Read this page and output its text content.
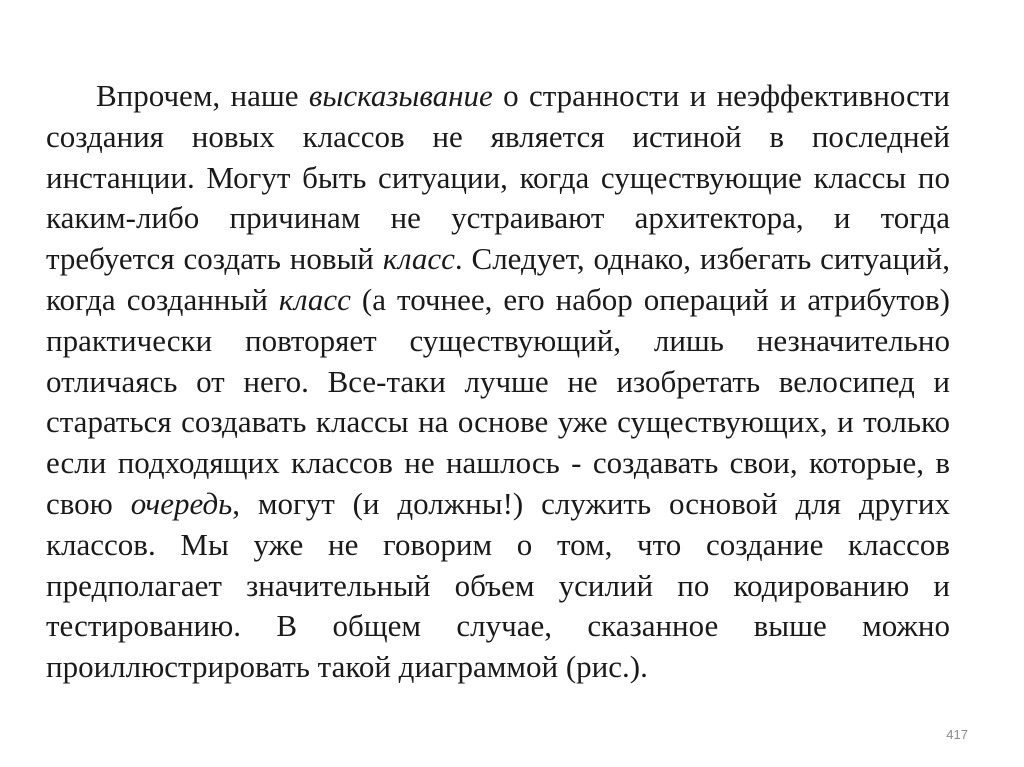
Впрочем, наше высказывание о странности и неэффективности создания новых классов не является истиной в последней инстанции. Могут быть ситуации, когда существующие классы по каким-либо причинам не устраивают архитектора, и тогда требуется создать новый класс. Следует, однако, избегать ситуаций, когда созданный класс (а точнее, его набор операций и атрибутов) практически повторяет существующий, лишь незначительно отличаясь от него. Все-таки лучше не изобретать велосипед и стараться создавать классы на основе уже существующих, и только если подходящих классов не нашлось - создавать свои, которые, в свою очередь, могут (и должны!) служить основой для других классов. Мы уже не говорим о том, что создание классов предполагает значительный объем усилий по кодированию и тестированию. В общем случае, сказанное выше можно проиллюстрировать такой диаграммой (рис.).

417
